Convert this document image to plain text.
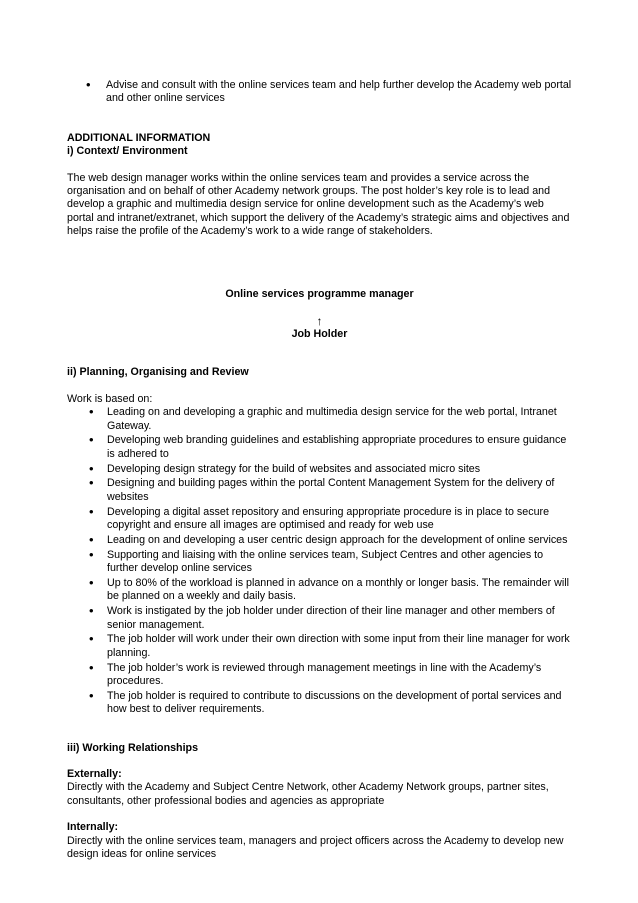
• Advise and consult with the online services team and help further develop the Academy web portal and other online services

ADDITIONAL INFORMATION

i) Context/ Environment

The web design manager works within the online services team and provides a service across the organisation and on behalf of other Academy network groups. The post holder’s key role is to lead and develop a graphic and multimedia design service for online development such as the Academy’s web portal and intranet/extranet, which support the delivery of the Academy’s strategic aims and objectives and helps raise the profile of the Academy’s work to a wide range of stakeholders.

Online services programme manager
↑
Job Holder

ii) Planning, Organising and Review

Work is based on:

• Leading on and developing a graphic and multimedia design service for the web portal, Intranet Gateway.
• Developing web branding guidelines and establishing appropriate procedures to ensure guidance is adhered to
• Developing design strategy for the build of websites and associated micro sites
• Designing and building pages within the portal Content Management System for the delivery of websites
• Developing a digital asset repository and ensuring appropriate procedure is in place to secure copyright and ensure all images are optimised and ready for web use
• Leading on and developing a user centric design approach for the development of online services
• Supporting and liaising with the online services team, Subject Centres and other agencies to further develop online services
• Up to 80% of the workload is planned in advance on a monthly or longer basis. The remainder will be planned on a weekly and daily basis.
• Work is instigated by the job holder under direction of their line manager and other members of senior management.
• The job holder will work under their own direction with some input from their line manager for work planning.
• The job holder’s work is reviewed through management meetings in line with the Academy’s procedures.
• The job holder is required to contribute to discussions on the development of portal services and how best to deliver requirements.

iii) Working Relationships

Externally:

Directly with the Academy and Subject Centre Network, other Academy Network groups, partner sites, consultants, other professional bodies and agencies as appropriate

Internally:

Directly with the online services team, managers and project officers across the Academy to develop new design ideas for online services
